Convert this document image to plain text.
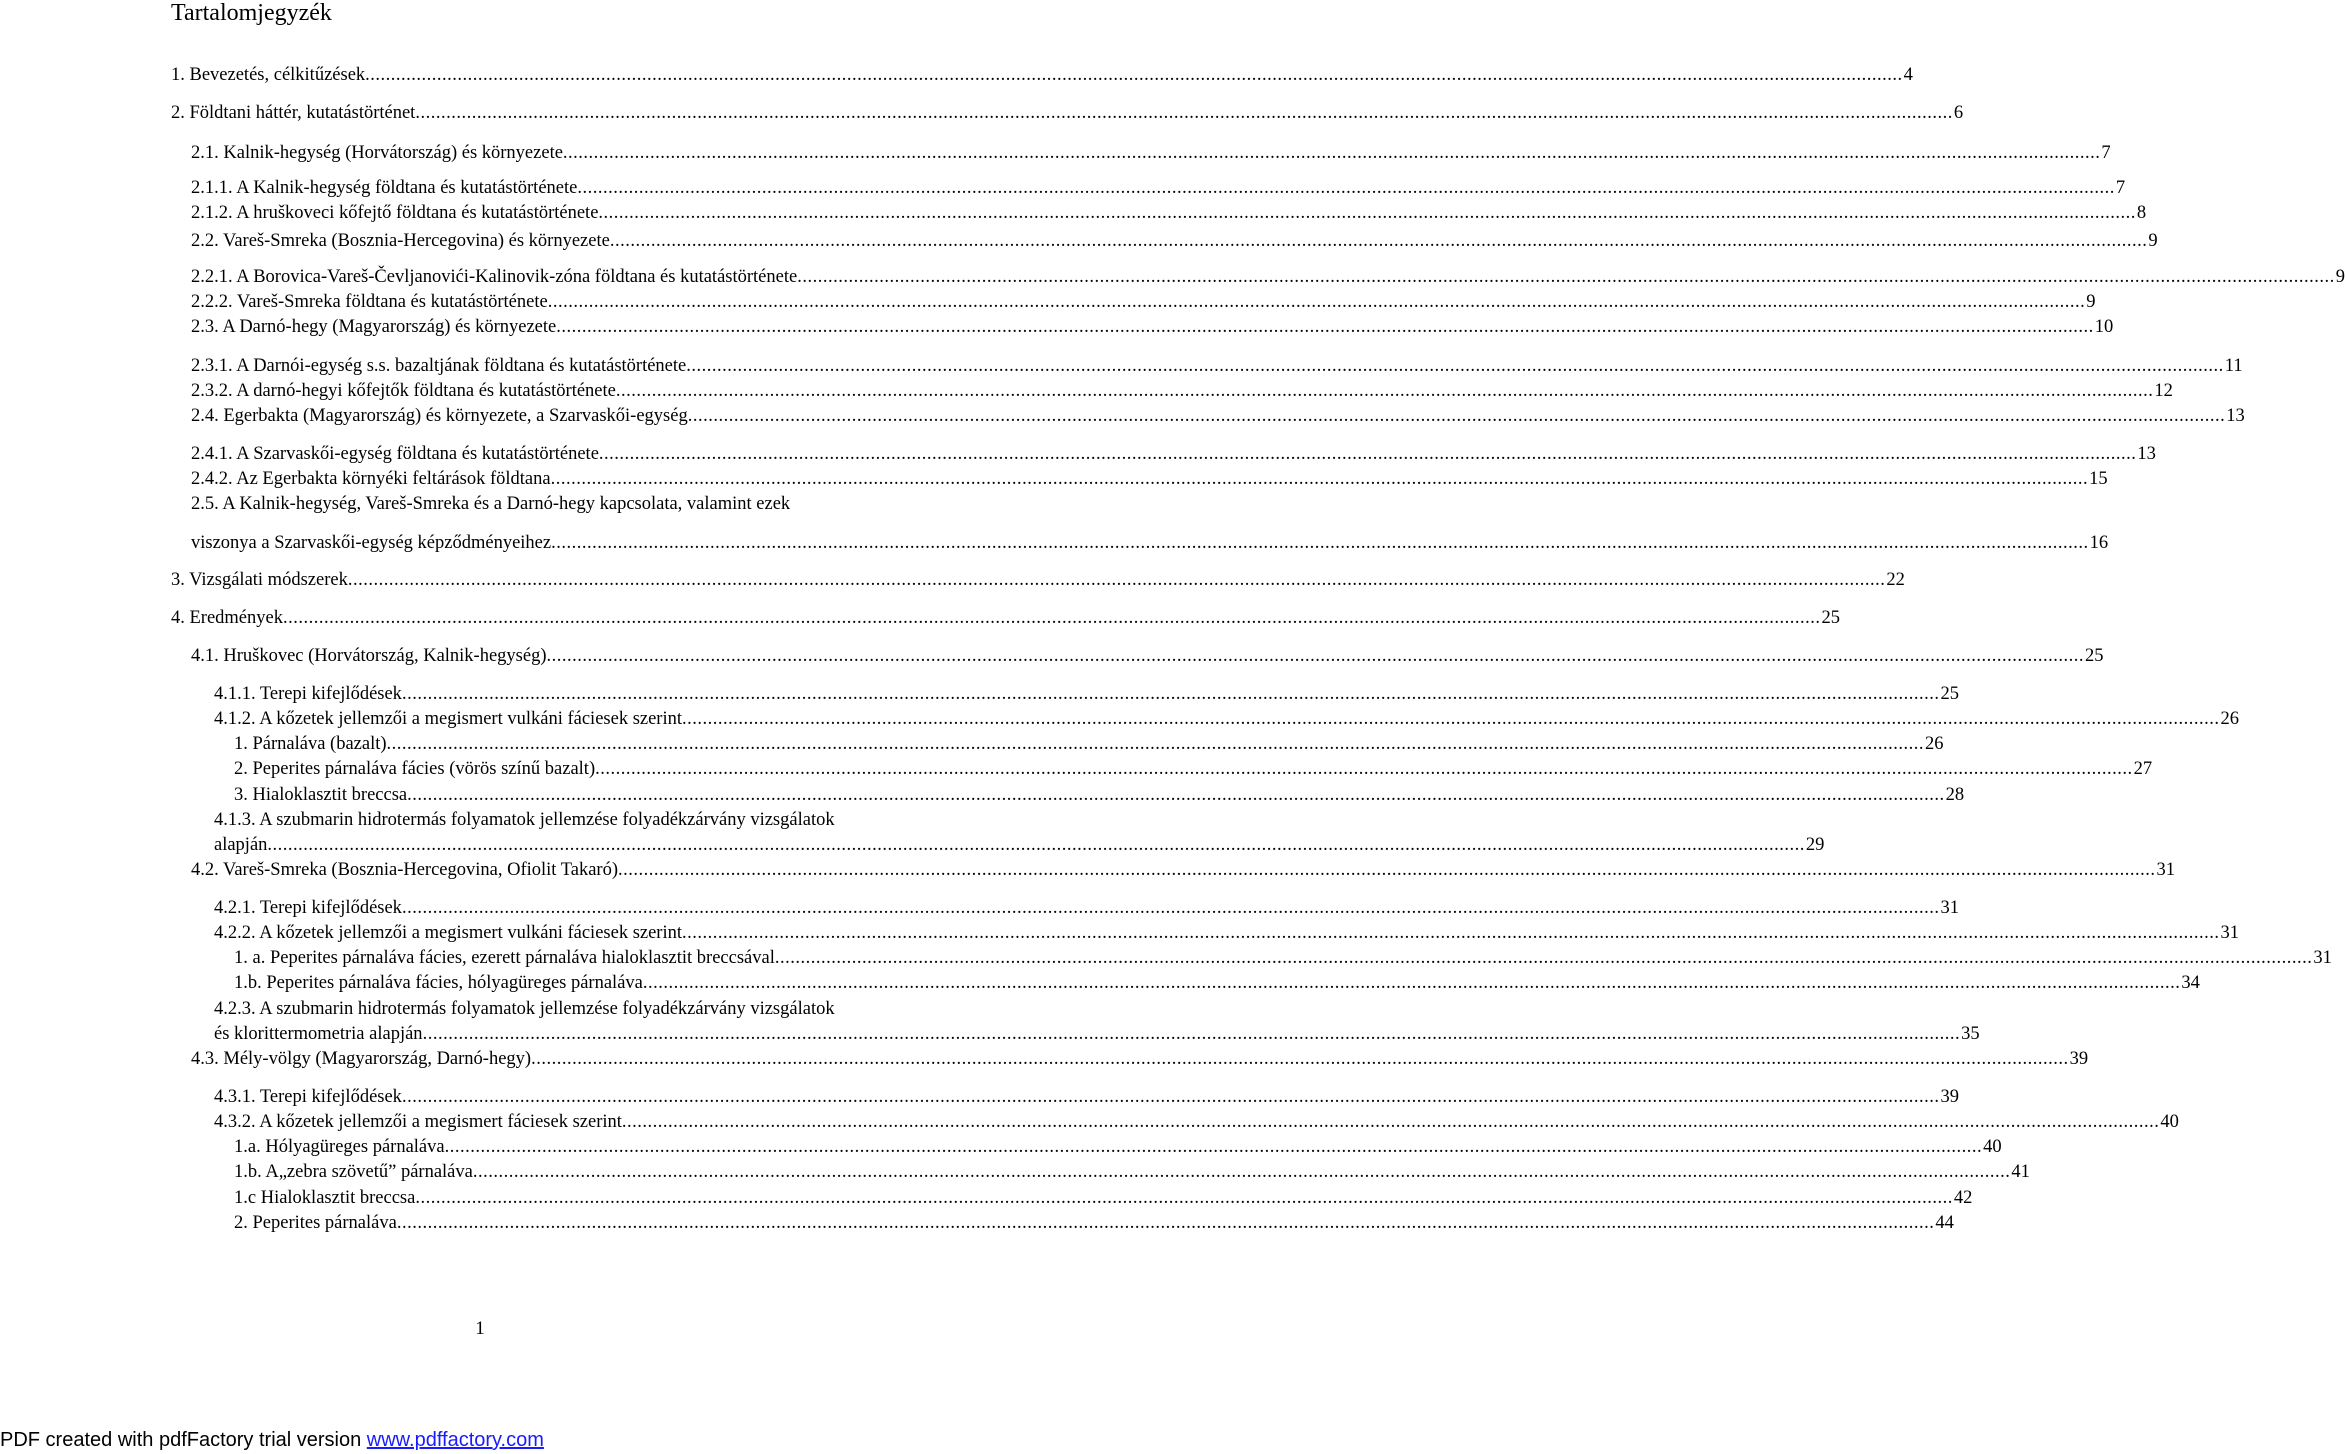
Tartalomjegyzék
1. Bevezetés, célkitűzések ............................................................................................................................................................................................................................................................................................................ 4
2. Földtani háttér, kutatástörténet ............................................................................................................................................................................................................................................................................................................ 6
2.1. Kalnik-hegység (Horvátország) és környezete ............................................................................................................................................................................................................................................................................................................ 7
2.1.1. A Kalnik-hegység földtana és kutatástörténete ............................................................................................................................................................................................................................................................................................................ 7
2.1.2. A hruškoveci kőfejtő földtana és kutatástörténete ............................................................................................................................................................................................................................................................................................................ 8
2.2. Vareš-Smreka (Bosznia-Hercegovina) és környezete ............................................................................................................................................................................................................................................................................................................ 9
2.2.1. A Borovica-Vareš-Čevljanovići-Kalinovik-zóna földtana és kutatástörténete ............................................................................................................................................................................................................................................................................................................ 9
2.2.2. Vareš-Smreka földtana és kutatástörténete ............................................................................................................................................................................................................................................................................................................ 9
2.3. A Darnó-hegy (Magyarország) és környezete ............................................................................................................................................................................................................................................................................................................ 10
2.3.1. A Darnói-egység s.s. bazaltjának földtana és kutatástörténete ............................................................................................................................................................................................................................................................................................................ 11
2.3.2. A darnó-hegyi kőfejtők földtana és kutatástörténete ............................................................................................................................................................................................................................................................................................................ 12
2.4. Egerbakta (Magyarország) és környezete, a Szarvaskői-egység ............................................................................................................................................................................................................................................................................................................ 13
2.4.1. A Szarvaskői-egység földtana és kutatástörténete ............................................................................................................................................................................................................................................................................................................ 13
2.4.2. Az Egerbakta környéki feltárások földtana ............................................................................................................................................................................................................................................................................................................ 15
2.5. A Kalnik-hegység, Vareš-Smreka és a Darnó-hegy kapcsolata, valamint ezek
viszonya a Szarvaskői-egység képződményeihez ............................................................................................................................................................................................................................................................................................................ 16
3. Vizsgálati módszerek ............................................................................................................................................................................................................................................................................................................ 22
4. Eredmények ............................................................................................................................................................................................................................................................................................................ 25
4.1. Hruškovec (Horvátország, Kalnik-hegység) ............................................................................................................................................................................................................................................................................................................ 25
4.1.1. Terepi kifejlődések ............................................................................................................................................................................................................................................................................................................ 25
4.1.2. A kőzetek jellemzői a megismert vulkáni fáciesek szerint ............................................................................................................................................................................................................................................................................................................ 26
1. Párnaláva (bazalt) ............................................................................................................................................................................................................................................................................................................ 26
2. Peperites párnaláva fácies (vörös színű bazalt) ............................................................................................................................................................................................................................................................................................................ 27
3. Hialoklasztit breccsa ............................................................................................................................................................................................................................................................................................................ 28
4.1.3. A szubmarin hidrotermás folyamatok jellemzése folyadékzárvány vizsgálatok
alapján ............................................................................................................................................................................................................................................................................................................ 29
4.2. Vareš-Smreka (Bosznia-Hercegovina, Ofiolit Takaró) ............................................................................................................................................................................................................................................................................................................ 31
4.2.1. Terepi kifejlődések ............................................................................................................................................................................................................................................................................................................ 31
4.2.2. A kőzetek jellemzői a megismert vulkáni fáciesek szerint ............................................................................................................................................................................................................................................................................................................ 31
1. a. Peperites párnaláva fácies, ezerett párnaláva hialoklasztit breccsával ............................................................................................................................................................................................................................................................................................................ 31
1.b. Peperites párnaláva fácies, hólyagüreges párnaláva ............................................................................................................................................................................................................................................................................................................ 34
4.2.3. A szubmarin hidrotermás folyamatok jellemzése folyadékzárvány vizsgálatok
és klorittermometria alapján ............................................................................................................................................................................................................................................................................................................ 35
4.3. Mély-völgy (Magyarország, Darnó-hegy) ............................................................................................................................................................................................................................................................................................................ 39
4.3.1. Terepi kifejlődések ............................................................................................................................................................................................................................................................................................................ 39
4.3.2. A kőzetek jellemzői a megismert fáciesek szerint ............................................................................................................................................................................................................................................................................................................ 40
1.a. Hólyagüreges párnaláva ............................................................................................................................................................................................................................................................................................................ 40
1.b. A„zebra szövetű” párnaláva ............................................................................................................................................................................................................................................................................................................ 41
1.c Hialoklasztit breccsa ............................................................................................................................................................................................................................................................................................................ 42
2. Peperites párnaláva ............................................................................................................................................................................................................................................................................................................ 44
1
PDF created with pdfFactory trial version www.pdffactory.com
